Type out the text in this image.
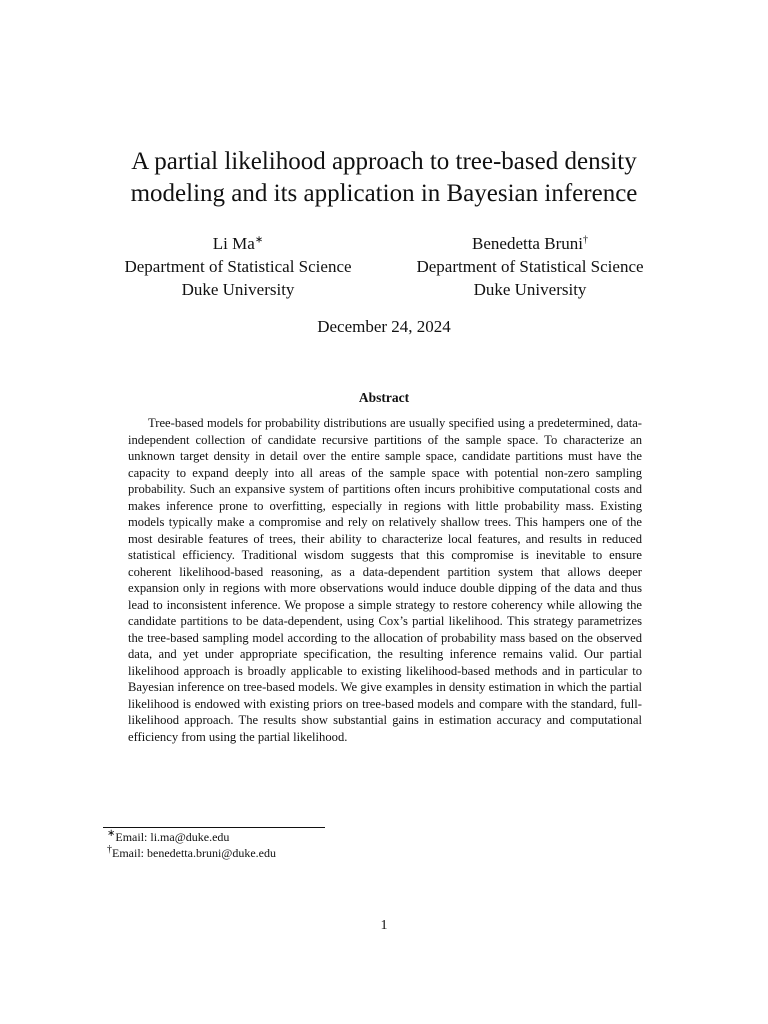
A partial likelihood approach to tree-based density
modeling and its application in Bayesian inference
Li Ma∗
Department of Statistical Science
Duke University
Benedetta Bruni†
Department of Statistical Science
Duke University
December 24, 2024
Abstract

Tree-based models for probability distributions are usually specified using a predetermined, data-independent collection of candidate recursive partitions of the sample space. To characterize an unknown target density in detail over the entire sample space, candidate partitions must have the capacity to expand deeply into all areas of the sample space with potential non-zero sampling probability. Such an expansive system of partitions often incurs prohibitive computational costs and makes inference prone to overfitting, especially in regions with little probability mass. Existing models typically make a compromise and rely on relatively shallow trees. This hampers one of the most desirable features of trees, their ability to characterize local features, and results in reduced statistical efficiency. Traditional wisdom suggests that this compromise is inevitable to ensure coherent likelihood-based reasoning, as a data-dependent partition system that allows deeper expansion only in regions with more observations would induce double dipping of the data and thus lead to inconsistent inference. We propose a simple strategy to restore coherency while allowing the candidate partitions to be data-dependent, using Cox’s partial likelihood. This strategy parametrizes the tree-based sampling model according to the allocation of probability mass based on the observed data, and yet under appropriate specification, the resulting inference remains valid. Our partial likelihood approach is broadly applicable to existing likelihood-based methods and in particular to Bayesian inference on tree-based models. We give examples in density estimation in which the partial likelihood is endowed with existing priors on tree-based models and compare with the standard, full-likelihood approach. The results show substantial gains in estimation accuracy and computational efficiency from using the partial likelihood.

∗Email: li.ma@duke.edu
†Email: benedetta.bruni@duke.edu
1
